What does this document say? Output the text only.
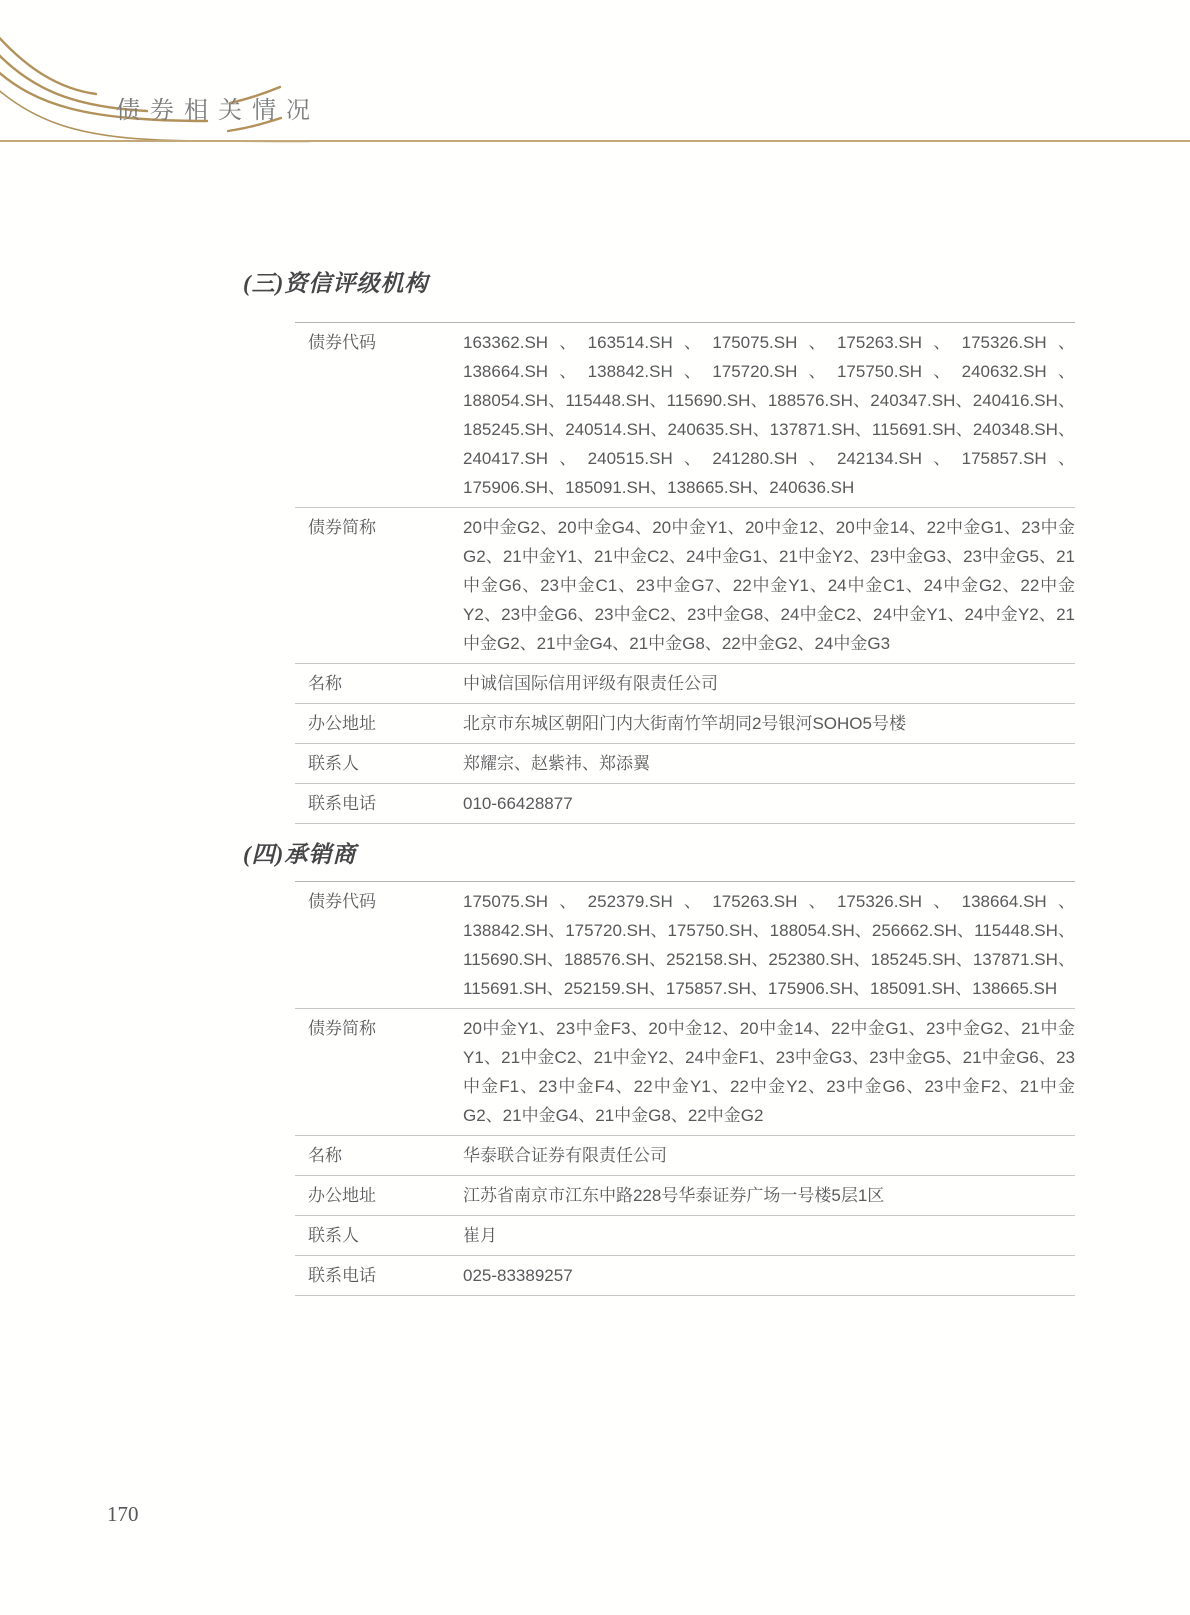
债券相关情况
(三)资信评级机构
债券代码	163362.SH、163514.SH、175075.SH、175263.SH、175326.SH、138664.SH、138842.SH、175720.SH、175750.SH、240632.SH、188054.SH、115448.SH、115690.SH、188576.SH、240347.SH、240416.SH、185245.SH、240514.SH、240635.SH、137871.SH、115691.SH、240348.SH、240417.SH、240515.SH、241280.SH、242134.SH、175857.SH、175906.SH、185091.SH、138665.SH、240636.SH
债券简称	20中金G2、20中金G4、20中金Y1、20中金12、20中金14、22中金G1、23中金G2、21中金Y1、21中金C2、24中金G1、21中金Y2、23中金G3、23中金G5、21中金G6、23中金C1、23中金G7、22中金Y1、24中金C1、24中金G2、22中金Y2、23中金G6、23中金C2、23中金G8、24中金C2、24中金Y1、24中金Y2、21中金G2、21中金G4、21中金G8、22中金G2、24中金G3
名称	中诚信国际信用评级有限责任公司
办公地址	北京市东城区朝阳门内大街南竹竿胡同2号银河SOHO5号楼
联系人	郑耀宗、赵紫祎、郑添翼
联系电话	010-66428877
(四)承销商
债券代码	175075.SH、252379.SH、175263.SH、175326.SH、138664.SH、138842.SH、175720.SH、175750.SH、188054.SH、256662.SH、115448.SH、115690.SH、188576.SH、252158.SH、252380.SH、185245.SH、137871.SH、115691.SH、252159.SH、175857.SH、175906.SH、185091.SH、138665.SH
债券简称	20中金Y1、23中金F3、20中金12、20中金14、22中金G1、23中金G2、21中金Y1、21中金C2、21中金Y2、24中金F1、23中金G3、23中金G5、21中金G6、23中金F1、23中金F4、22中金Y1、22中金Y2、23中金G6、23中金F2、21中金G2、21中金G4、21中金G8、22中金G2
名称	华泰联合证券有限责任公司
办公地址	江苏省南京市江东中路228号华泰证券广场一号楼5层1区
联系人	崔月
联系电话	025-83389257
170
